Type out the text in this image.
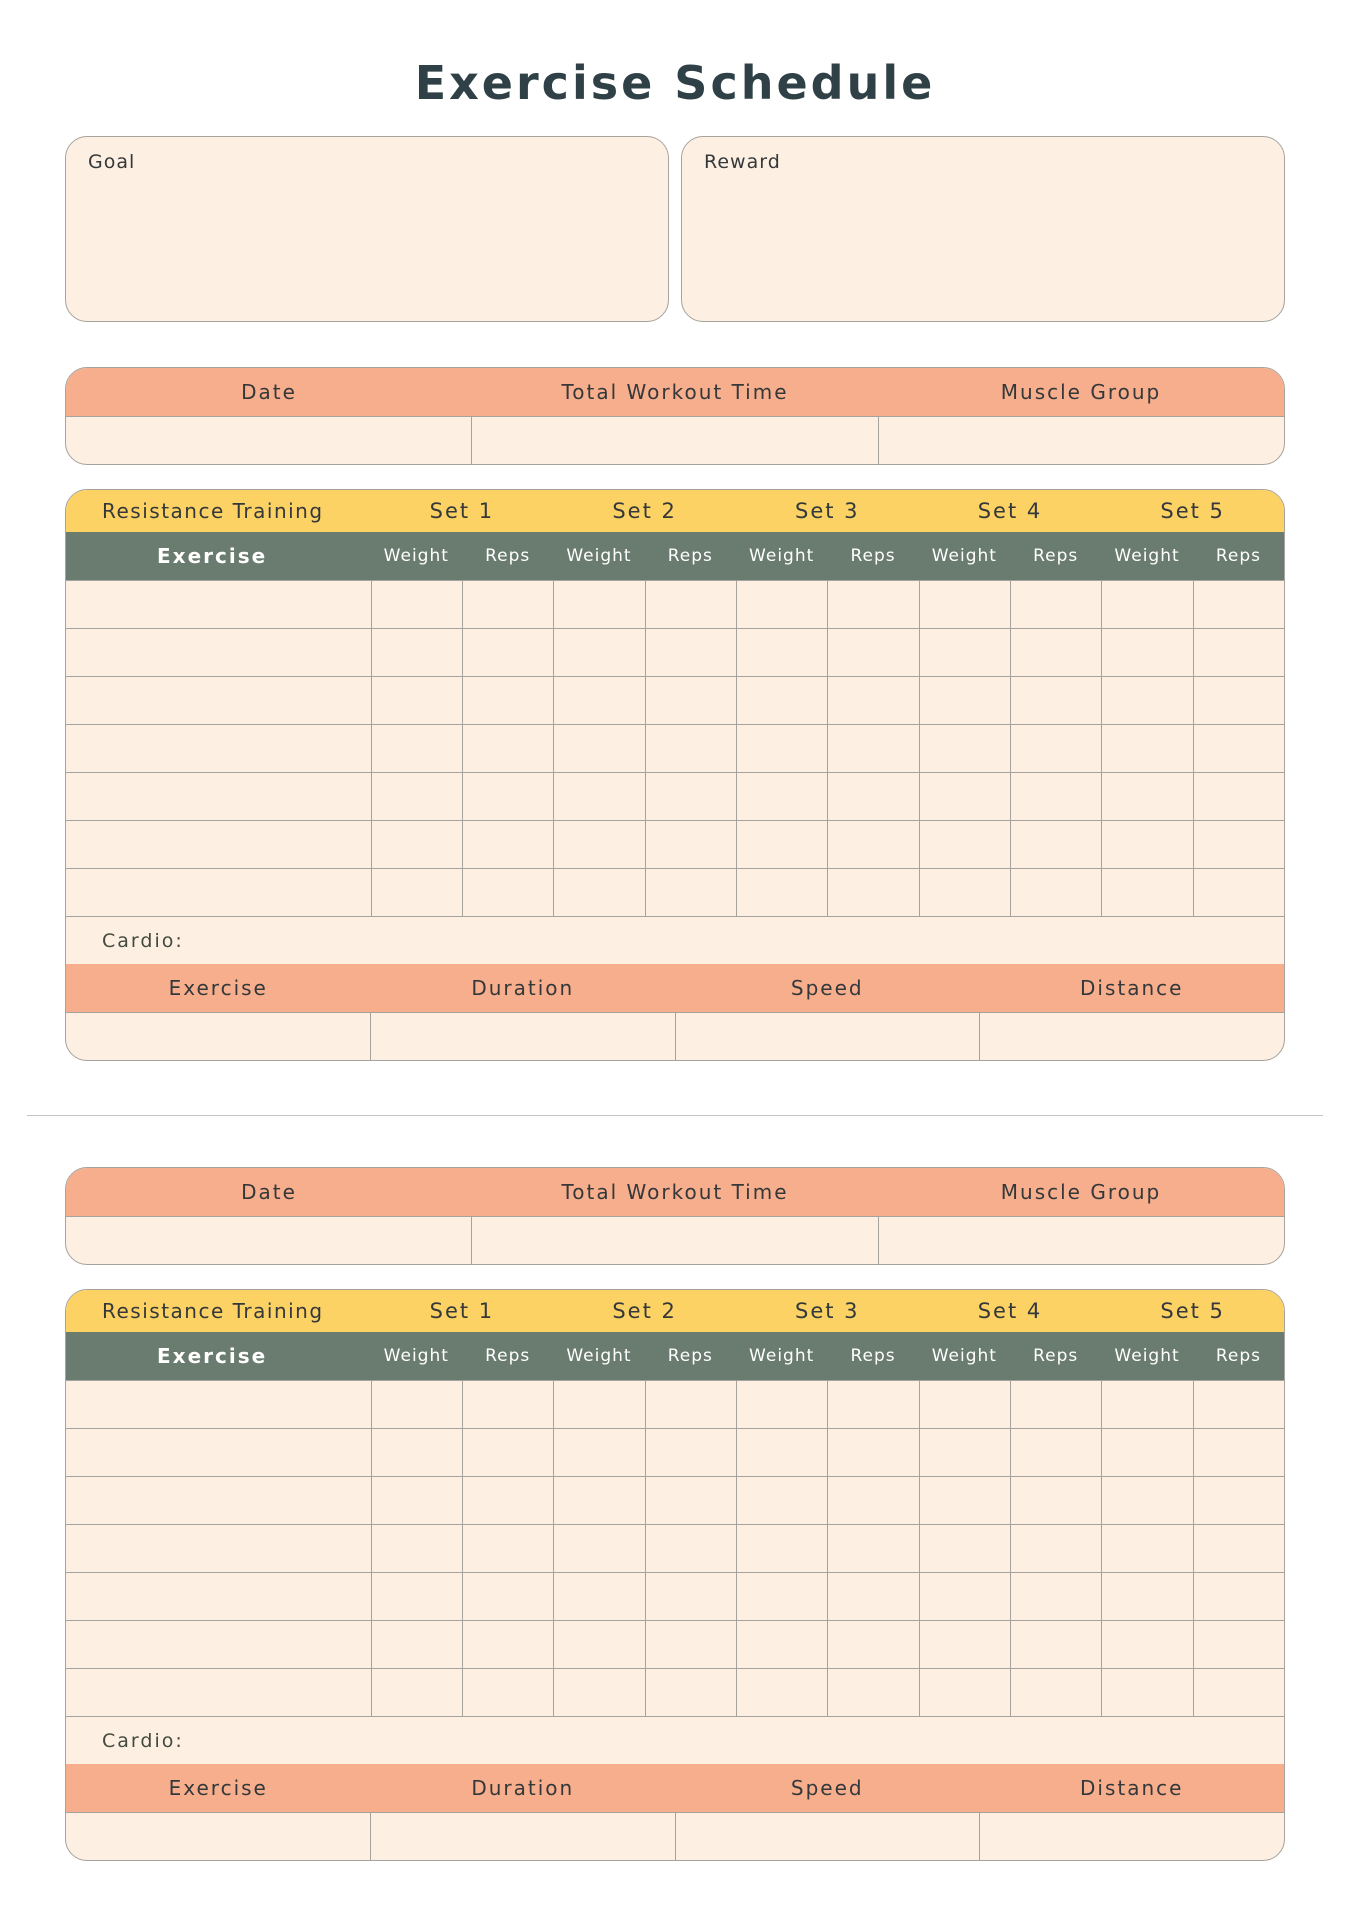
Exercise Schedule
Goal	Reward
Date	Total Workout Time	Muscle Group
Resistance Training	Set 1	Set 2	Set 3	Set 4	Set 5
Exercise	Weight	Reps	Weight	Reps	Weight	Reps	Weight	Reps	Weight	Reps
Cardio:
Exercise	Duration	Speed	Distance
Date	Total Workout Time	Muscle Group
Resistance Training	Set 1	Set 2	Set 3	Set 4	Set 5
Exercise	Weight	Reps	Weight	Reps	Weight	Reps	Weight	Reps	Weight	Reps
Cardio:
Exercise	Duration	Speed	Distance
